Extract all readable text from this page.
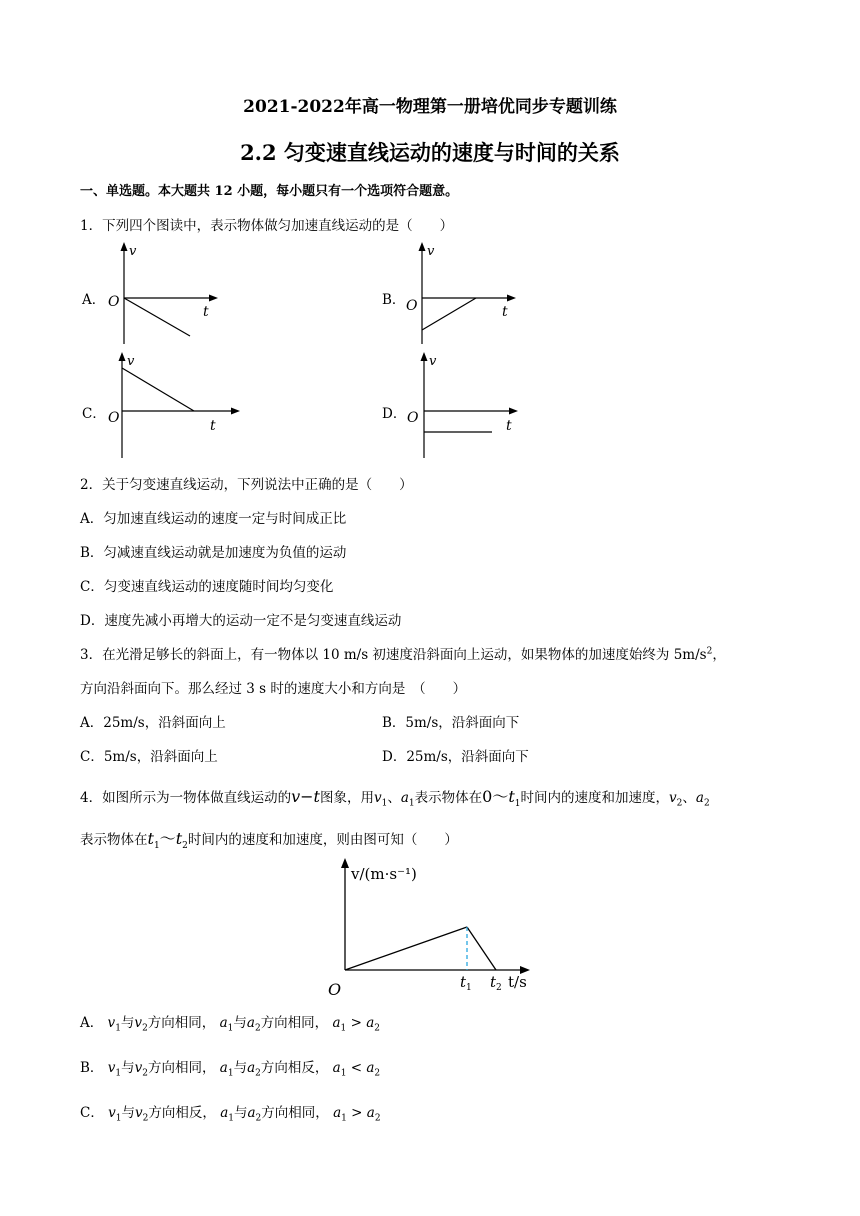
2021-2022年高一物理第一册培优同步专题训练
2.2 匀变速直线运动的速度与时间的关系
一、单选题。本大题共 12 小题，每小题只有一个选项符合题意。
1．下列四个图读中，表示物体做匀加速直线运动的是（　　）
A．
v
O
t
B．
v
O	t
C．
v
O	t
D．
v
O	t
2．关于匀变速直线运动，下列说法中正确的是（　　）
A．匀加速直线运动的速度一定与时间成正比
B．匀减速直线运动就是加速度为负值的运动
C．匀变速直线运动的速度随时间均匀变化
D．速度先减小再增大的运动一定不是匀变速直线运动
3．在光滑足够长的斜面上，有一物体以 10 m/s 初速度沿斜面向上运动，如果物体的加速度始终为 $5m/s^2$，
方向沿斜面向下。那么经过 3 s 时的速度大小和方向是　（　　）
A．25m/s，沿斜面向上	B．5m/s，沿斜面向下
C．5m/s，沿斜面向上	D．25m/s，沿斜面向下
4．如图所示为一物体做直线运动的v−t图象，用$v_1$、$a_1$表示物体在$0\sim t_1$时间内的速度和加速度，$v_2$、$a_2$
表示物体在$t_1\sim t_2$时间内的速度和加速度，则由图可知（　　）
v/(m·s⁻¹)
O	$t_1$ $t_2$ t/s
A． $v_1$与$v_2$方向相同， $a_1$与$a_2$方向相同， $a_1 > a_2$
B． $v_1$与$v_2$方向相同， $a_1$与$a_2$方向相反， $a_1 < a_2$
C． $v_1$与$v_2$方向相反， $a_1$与$a_2$方向相同， $a_1 > a_2$
